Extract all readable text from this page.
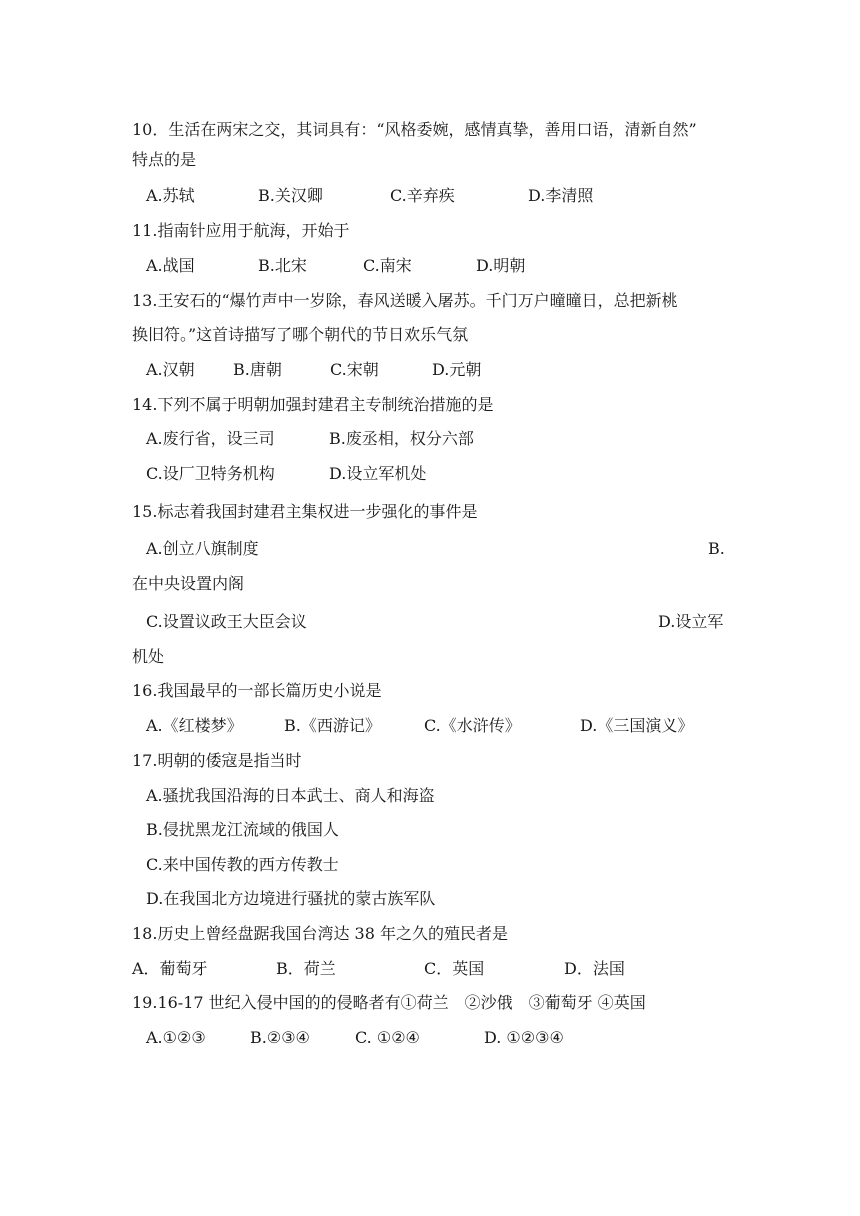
10．生活在两宋之交，其词具有：“风格委婉，感情真挚，善用口语，清新自然”
特点的是
A.苏轼	B.关汉卿	C.辛弃疾	D.李清照
11.指南针应用于航海，开始于
A.战国	B.北宋	C.南宋	D.明朝
13.王安石的“爆竹声中一岁除，春风送暖入屠苏。千门万户曈曈日，总把新桃
换旧符。”这首诗描写了哪个朝代的节日欢乐气氛
A.汉朝 B.唐朝	C.宋朝	D.元朝
14.下列不属于明朝加强封建君主专制统治措施的是
A.废行省，设三司	B.废丞相，权分六部
C.设厂卫特务机构	D.设立军机处
15.标志着我国封建君主集权进一步强化的事件是
A.创立八旗制度	B.
在中央设置内阁
C.设置议政王大臣会议	D.设立军
机处
16.我国最早的一部长篇历史小说是
A.《红楼梦》	B.《西游记》	C.《水浒传》	D.《三国演义》
17.明朝的倭寇是指当时
A.骚扰我国沿海的日本武士、商人和海盗
B.侵扰黑龙江流域的俄国人
C.来中国传教的西方传教士
D.在我国北方边境进行骚扰的蒙古族军队
18.历史上曾经盘踞我国台湾达 38 年之久的殖民者是
A．葡萄牙	B．荷兰	C．英国	D．法国
19.16-17 世纪入侵中国的的侵略者有①荷兰　②沙俄　③葡萄牙 ④英国
A.①②③	B.②③④	C. ①②④	D. ①②③④
